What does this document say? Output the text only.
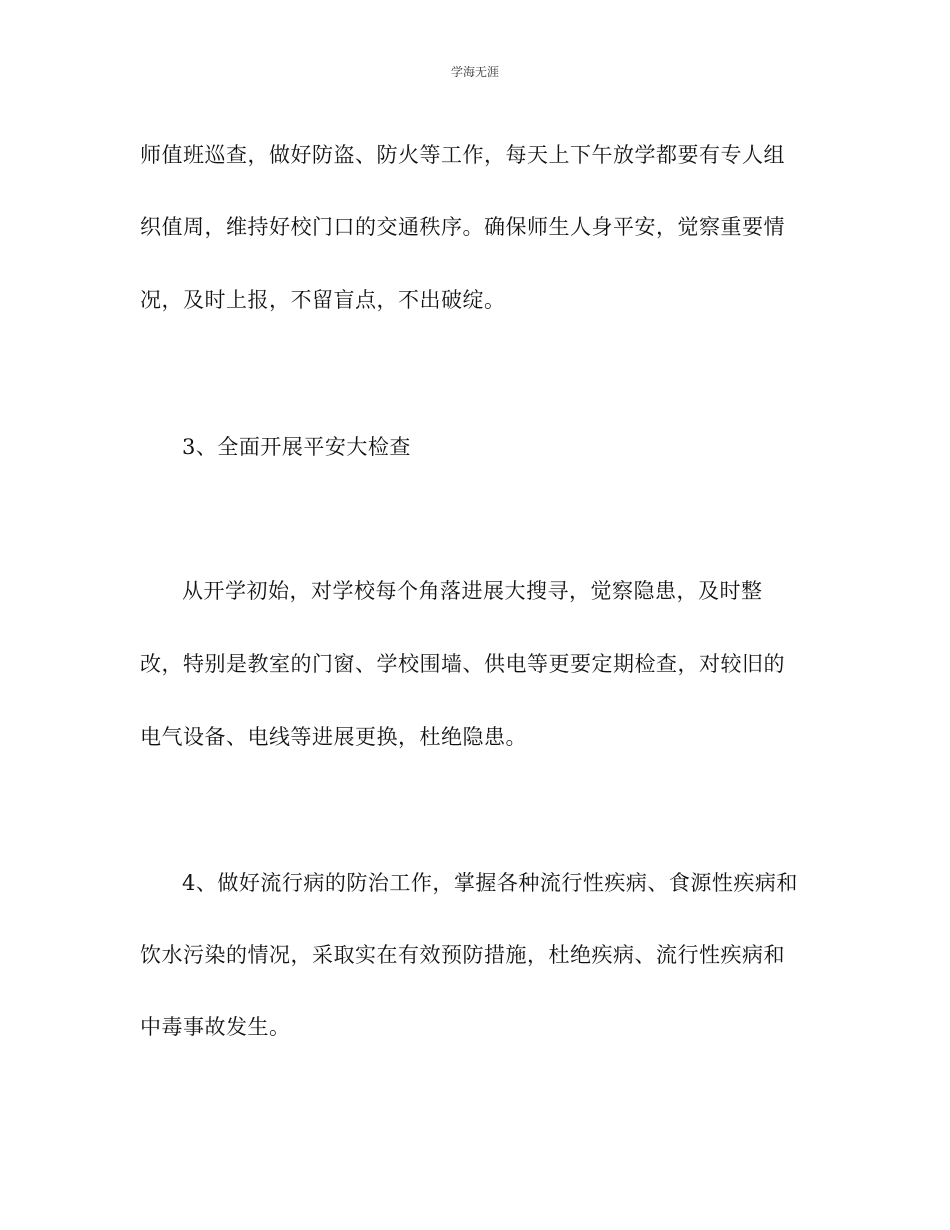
学海无涯
师值班巡查，做好防盗、防火等工作，每天上下午放学都要有专人组
织值周，维持好校门口的交通秩序。确保师生人身平安，觉察重要情
况，及时上报，不留盲点，不出破绽。
3、全面开展平安大检查
从开学初始，对学校每个角落进展大搜寻，觉察隐患，及时整
改，特别是教室的门窗、学校围墙、供电等更要定期检查，对较旧的
电气设备、电线等进展更换，杜绝隐患。
4、做好流行病的防治工作，掌握各种流行性疾病、食源性疾病和
饮水污染的情况，采取实在有效预防措施，杜绝疾病、流行性疾病和
中毒事故发生。
